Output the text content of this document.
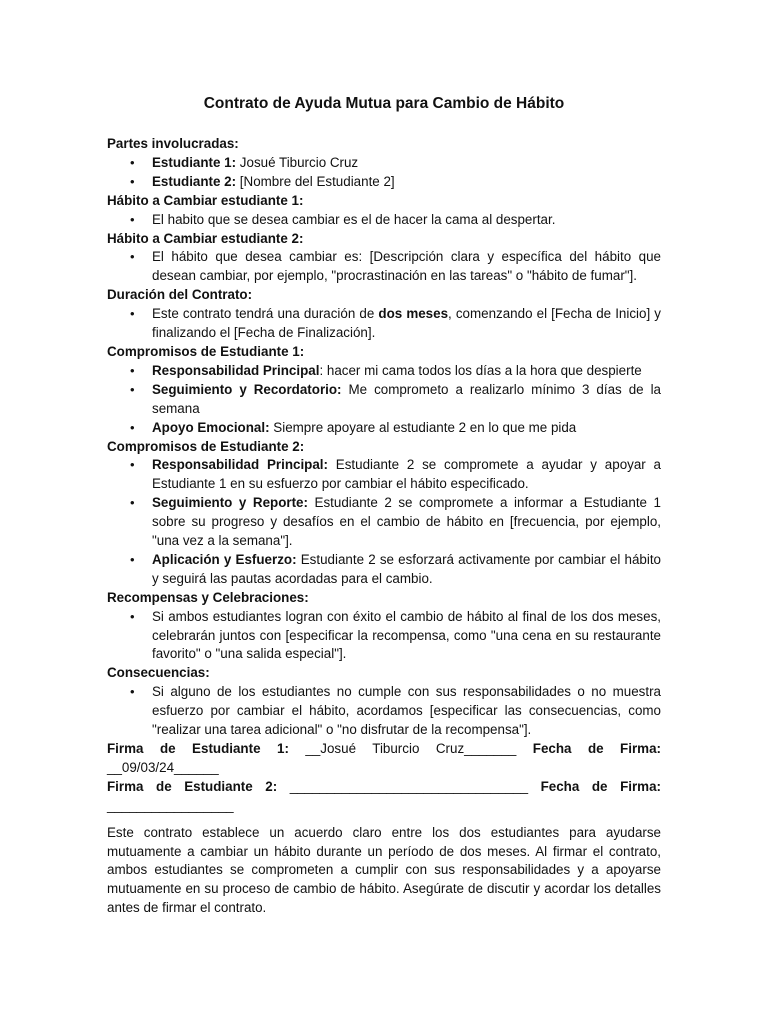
Contrato de Ayuda Mutua para Cambio de Hábito

Partes involucradas:

• Estudiante 1: Josué Tiburcio Cruz
• Estudiante 2: [Nombre del Estudiante 2]

Hábito a Cambiar estudiante 1:

• El habito que se desea cambiar es el de hacer la cama al despertar.

Hábito a Cambiar estudiante 2:

• El hábito que desea cambiar es: [Descripción clara y específica del hábito que desean cambiar, por ejemplo, "procrastinación en las tareas" o "hábito de fumar"].

Duración del Contrato:

• Este contrato tendrá una duración de dos meses, comenzando el [Fecha de Inicio] y finalizando el [Fecha de Finalización].

Compromisos de Estudiante 1:

• Responsabilidad Principal: hacer mi cama todos los días a la hora que despierte
• Seguimiento y Recordatorio: Me comprometo a realizarlo mínimo 3 días de la semana
• Apoyo Emocional: Siempre apoyare al estudiante 2 en lo que me pida

Compromisos de Estudiante 2:

• Responsabilidad Principal: Estudiante 2 se compromete a ayudar y apoyar a Estudiante 1 en su esfuerzo por cambiar el hábito especificado.
• Seguimiento y Reporte: Estudiante 2 se compromete a informar a Estudiante 1 sobre su progreso y desafíos en el cambio de hábito en [frecuencia, por ejemplo, "una vez a la semana"].
• Aplicación y Esfuerzo: Estudiante 2 se esforzará activamente por cambiar el hábito y seguirá las pautas acordadas para el cambio.

Recompensas y Celebraciones:

• Si ambos estudiantes logran con éxito el cambio de hábito al final de los dos meses, celebrarán juntos con [especificar la recompensa, como "una cena en su restaurante favorito" o "una salida especial"].

Consecuencias:

• Si alguno de los estudiantes no cumple con sus responsabilidades o no muestra esfuerzo por cambiar el hábito, acordamos [especificar las consecuencias, como "realizar una tarea adicional" o "no disfrutar de la recompensa"].

Firma de Estudiante 1: __Josué Tiburcio Cruz_______ Fecha de Firma: __09/03/24______

Firma de Estudiante 2: ________________________________ Fecha de Firma: _________________

Este contrato establece un acuerdo claro entre los dos estudiantes para ayudarse mutuamente a cambiar un hábito durante un período de dos meses. Al firmar el contrato, ambos estudiantes se comprometen a cumplir con sus responsabilidades y a apoyarse mutuamente en su proceso de cambio de hábito. Asegúrate de discutir y acordar los detalles antes de firmar el contrato.
